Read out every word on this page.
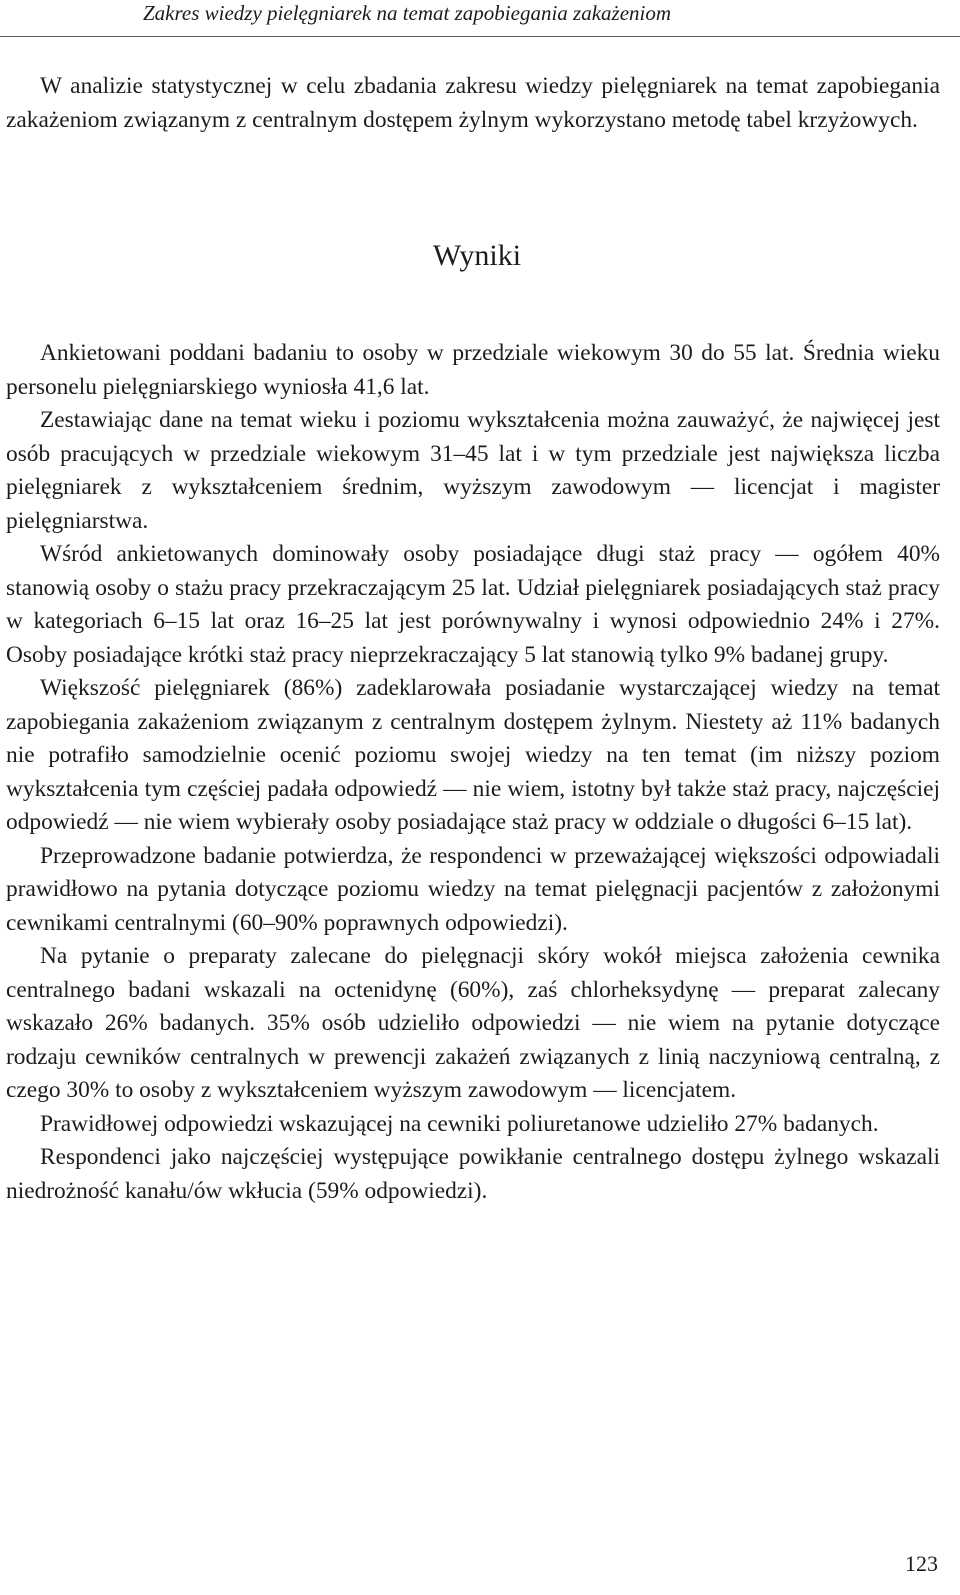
Zakres wiedzy pielęgniarek na temat zapobiegania zakażeniom

W analizie statystycznej w celu zbadania zakresu wiedzy pielęgniarek na temat zapobiegania zakażeniom związanym z centralnym dostępem żylnym wykorzystano metodę tabel krzyżowych.

Wyniki

Ankietowani poddani badaniu to osoby w przedziale wiekowym 30 do 55 lat. Średnia wieku personelu pielęgniarskiego wyniosła 41,6 lat.

Zestawiając dane na temat wieku i poziomu wykształcenia można zauważyć, że najwięcej jest osób pracujących w przedziale wiekowym 31–45 lat i w tym przedziale jest największa liczba pielęgniarek z wykształceniem średnim, wyższym zawodowym — licencjat i magister pielęgniarstwa.

Wśród ankietowanych dominowały osoby posiadające długi staż pracy — ogółem 40% stanowią osoby o stażu pracy przekraczającym 25 lat. Udział pielęgniarek posiadających staż pracy w kategoriach 6–15 lat oraz 16–25 lat jest porównywalny i wynosi odpowiednio 24% i 27%. Osoby posiadające krótki staż pracy nieprzekraczający 5 lat stanowią tylko 9% badanej grupy.

Większość pielęgniarek (86%) zadeklarowała posiadanie wystarczającej wiedzy na temat zapobiegania zakażeniom związanym z centralnym dostępem żylnym. Niestety aż 11% badanych nie potrafiło samodzielnie ocenić poziomu swojej wiedzy na ten temat (im niższy poziom wykształcenia tym częściej padała odpowiedź — nie wiem, istotny był także staż pracy, najczęściej odpowiedź — nie wiem wybierały osoby posiadające staż pracy w oddziale o długości 6–15 lat).

Przeprowadzone badanie potwierdza, że respondenci w przeważającej większości odpowiadali prawidłowo na pytania dotyczące poziomu wiedzy na temat pielęgnacji pacjentów z założonymi cewnikami centralnymi (60–90% poprawnych odpowiedzi).

Na pytanie o preparaty zalecane do pielęgnacji skóry wokół miejsca założenia cewnika centralnego badani wskazali na octenidynę (60%), zaś chlorheksydynę — preparat zalecany wskazało 26% badanych. 35% osób udzieliło odpowiedzi — nie wiem na pytanie dotyczące rodzaju cewników centralnych w prewencji zakażeń związanych z linią naczyniową centralną, z czego 30% to osoby z wykształceniem wyższym zawodowym — licencjatem.

Prawidłowej odpowiedzi wskazującej na cewniki poliuretanowe udzieliło 27% badanych.

Respondenci jako najczęściej występujące powikłanie centralnego dostępu żylnego wskazali niedrożność kanału/ów wkłucia (59% odpowiedzi).

123
